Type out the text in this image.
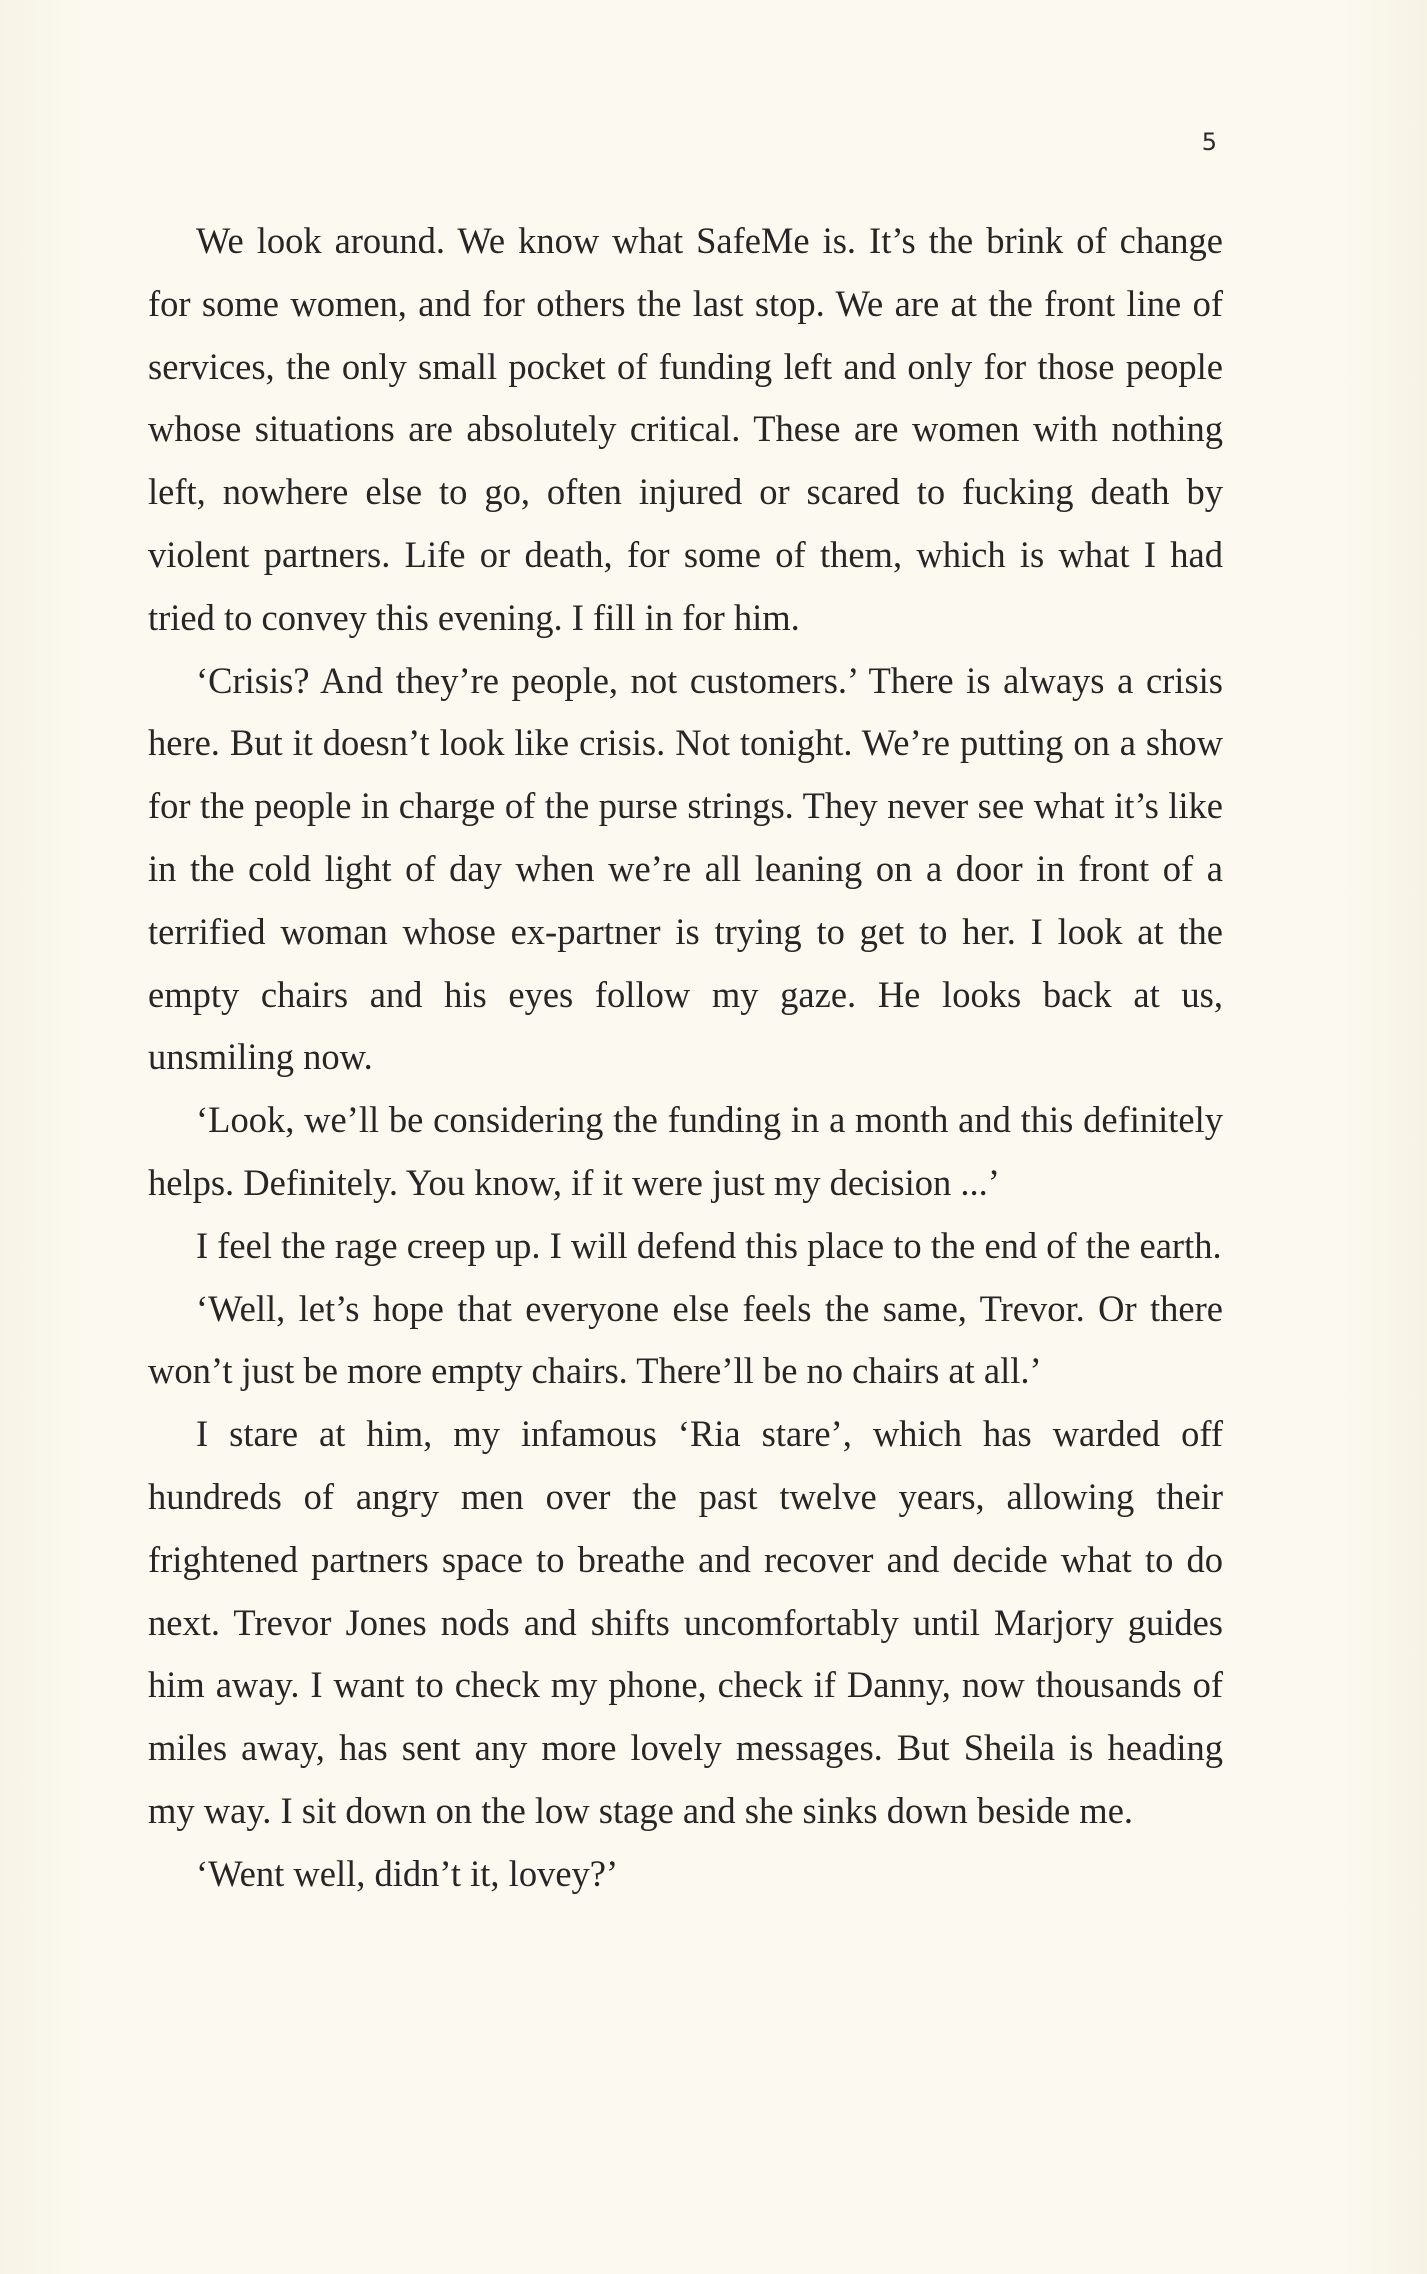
5

We look around. We know what SafeMe is. It’s the brink of change for some women, and for others the last stop. We are at the front line of services, the only small pocket of funding left and only for those people whose situations are absolutely critical. These are women with nothing left, nowhere else to go, often injured or scared to fucking death by violent partners. Life or death, for some of them, which is what I had tried to convey this evening. I fill in for him.

‘Crisis? And they’re people, not customers.’ There is always a crisis here. But it doesn’t look like crisis. Not tonight. We’re putting on a show for the people in charge of the purse strings. They never see what it’s like in the cold light of day when we’re all leaning on a door in front of a terrified woman whose ex-partner is trying to get to her. I look at the empty chairs and his eyes follow my gaze. He looks back at us, unsmiling now.

‘Look, we’ll be considering the funding in a month and this definitely helps. Definitely. You know, if it were just my decision ...’

I feel the rage creep up. I will defend this place to the end of the earth.

‘Well, let’s hope that everyone else feels the same, Trevor. Or there won’t just be more empty chairs. There’ll be no chairs at all.’

I stare at him, my infamous ‘Ria stare’, which has warded off hundreds of angry men over the past twelve years, allowing their frightened partners space to breathe and recover and decide what to do next. Trevor Jones nods and shifts uncomfortably until Marjory guides him away. I want to check my phone, check if Danny, now thousands of miles away, has sent any more lovely messages. But Sheila is heading my way. I sit down on the low stage and she sinks down beside me.

‘Went well, didn’t it, lovey?’
